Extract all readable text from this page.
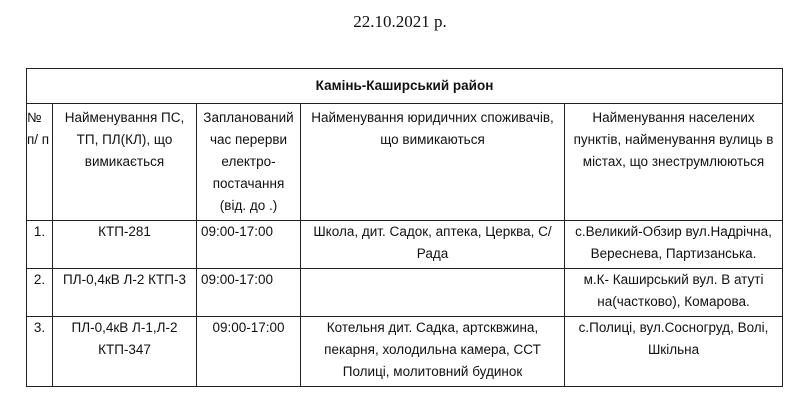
22.10.2021 р.
Камінь-Каширський район				
№ п/ п	Найменування ПС, ТП, ПЛ(КЛ), що вимикається	Запланований час перерви електро-постачання (від. до .)	Найменування юридичних споживачів, що вимикаються	Найменування населених пунктів, найменування вулиць в містах, що знеструмлюються
1.	КТП-281	09:00-17:00	Школа, дит. Садок, аптека, Церква, С/Рада	с.Великий-Обзир вул.Надрічна, Вереснева, Партизанська.
2.	ПЛ-0,4кВ Л-2 КТП-3	09:00-17:00		м.К- Каширський вул. В атуті на(частково), Комарова.
3.	ПЛ-0,4кВ Л-1,Л-2 КТП-347	09:00-17:00	Котельня дит. Садка, артсквжина, пекарня, холодильна камера, ССТ Полиці, молитовний будинок	с.Полиці, вул.Сосногруд, Волі, Шкільна
